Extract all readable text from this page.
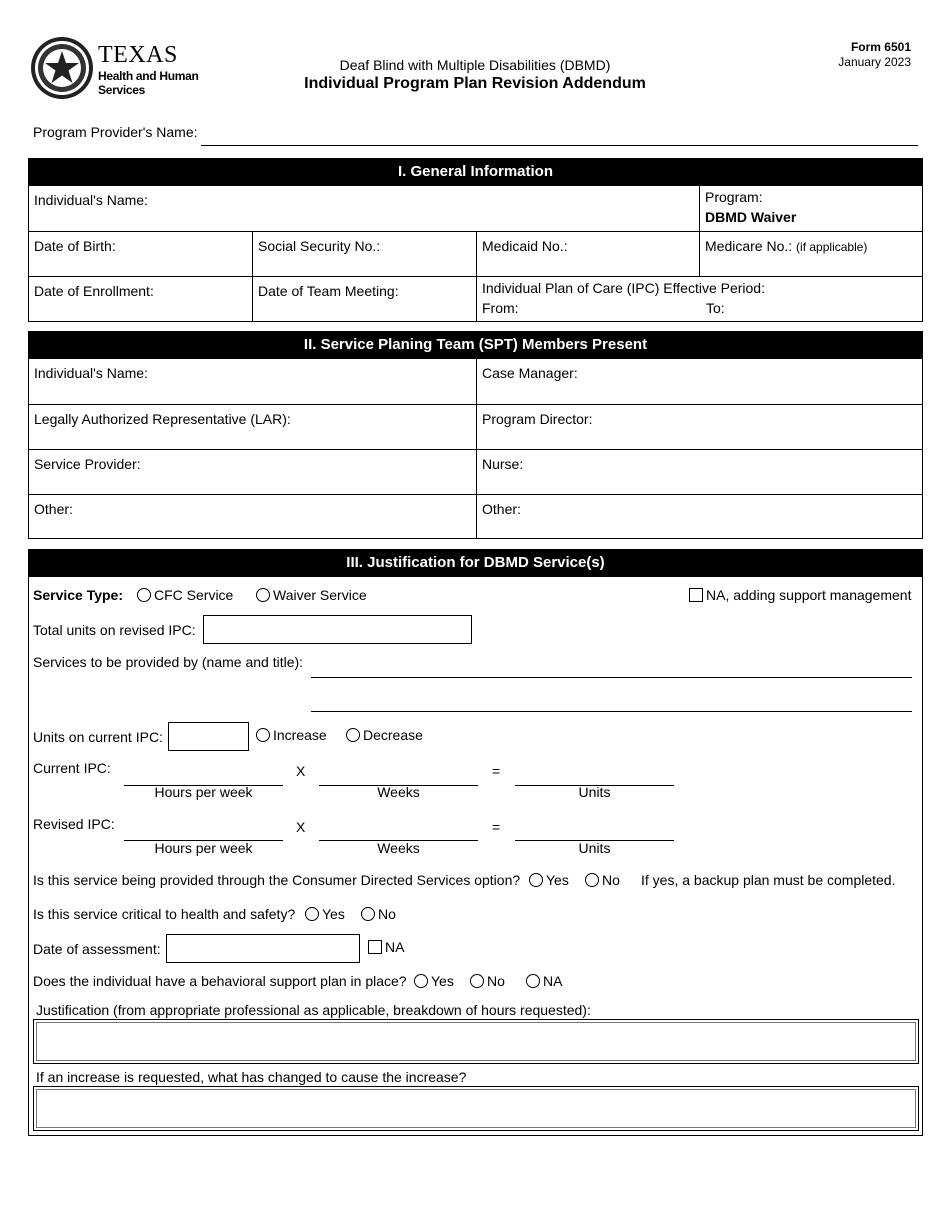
TEXAS
Health and Human
Services
Deaf Blind with Multiple Disabilities (DBMD)
Individual Program Plan Revision Addendum
Form 6501
January 2023
Program Provider's Name:
I. General Information
Individual's Name:	Program:
DBMD Waiver
Date of Birth:	Social Security No.:	Medicaid No.:	Medicare No.: (if applicable)
Date of Enrollment:	Date of Team Meeting:	Individual Plan of Care (IPC) Effective Period:
From:	To:
II. Service Planing Team (SPT) Members Present
Individual's Name:	Case Manager:
Legally Authorized Representative (LAR):	Program Director:
Service Provider:	Nurse:
Other:	Other:
III. Justification for DBMD Service(s)
Service Type:	CFC Service	Waiver Service	NA, adding support management
Total units on revised IPC:
Services to be provided by (name and title):
Units on current IPC:	Increase	Decrease
Current IPC:	X	=
Hours per week	Weeks	Units
Revised IPC:	X	=
Hours per week	Weeks	Units
Is this service being provided through the Consumer Directed Services option?	Yes	No If yes, a backup plan must be completed.
Is this service critical to health and safety?	Yes	No
Date of assessment:	NA
Does the individual have a behavioral support plan in place?	Yes	No	NA
Justification (from appropriate professional as applicable, breakdown of hours requested):
If an increase is requested, what has changed to cause the increase?
